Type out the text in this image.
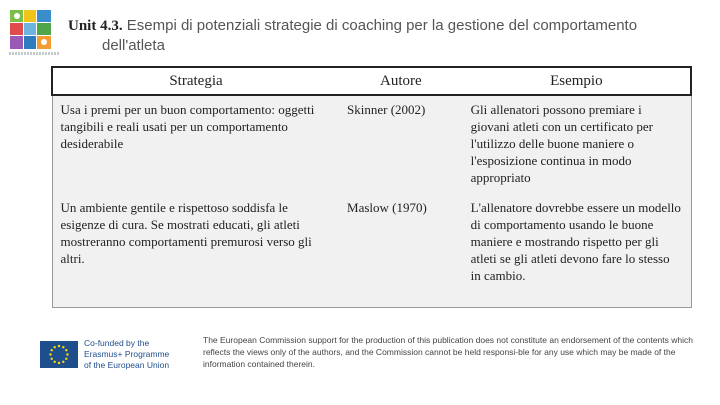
Unit 4.3. Esempi di potenziali strategie di coaching per la gestione del comportamento
dell'atleta
Strategia	Autore	Esempio
Usa i premi per un buon comportamento: oggetti tangibili e reali usati per un comportamento desiderabile	Skinner (2002)	Gli allenatori possono premiare i giovani atleti con un certificato per l'utilizzo delle buone maniere o l'esposizione continua in modo appropriato
Un ambiente gentile e rispettoso soddisfa le esigenze di cura. Se mostrati educati, gli atleti mostreranno comportamenti premurosi verso gli altri.	Maslow (1970)	L'allenatore dovrebbe essere un modello di comportamento usando le buone maniere e mostrando rispetto per gli atleti se gli atleti devono fare lo stesso in cambio.
Co-funded by the
Erasmus+ Programme
of the European Union
The European Commission support for the production of this publication does not constitute an endorsement of the contents which reflects the views only of the authors, and the Commission cannot be held responsi-ble for any use which may be made of the information contained therein.
